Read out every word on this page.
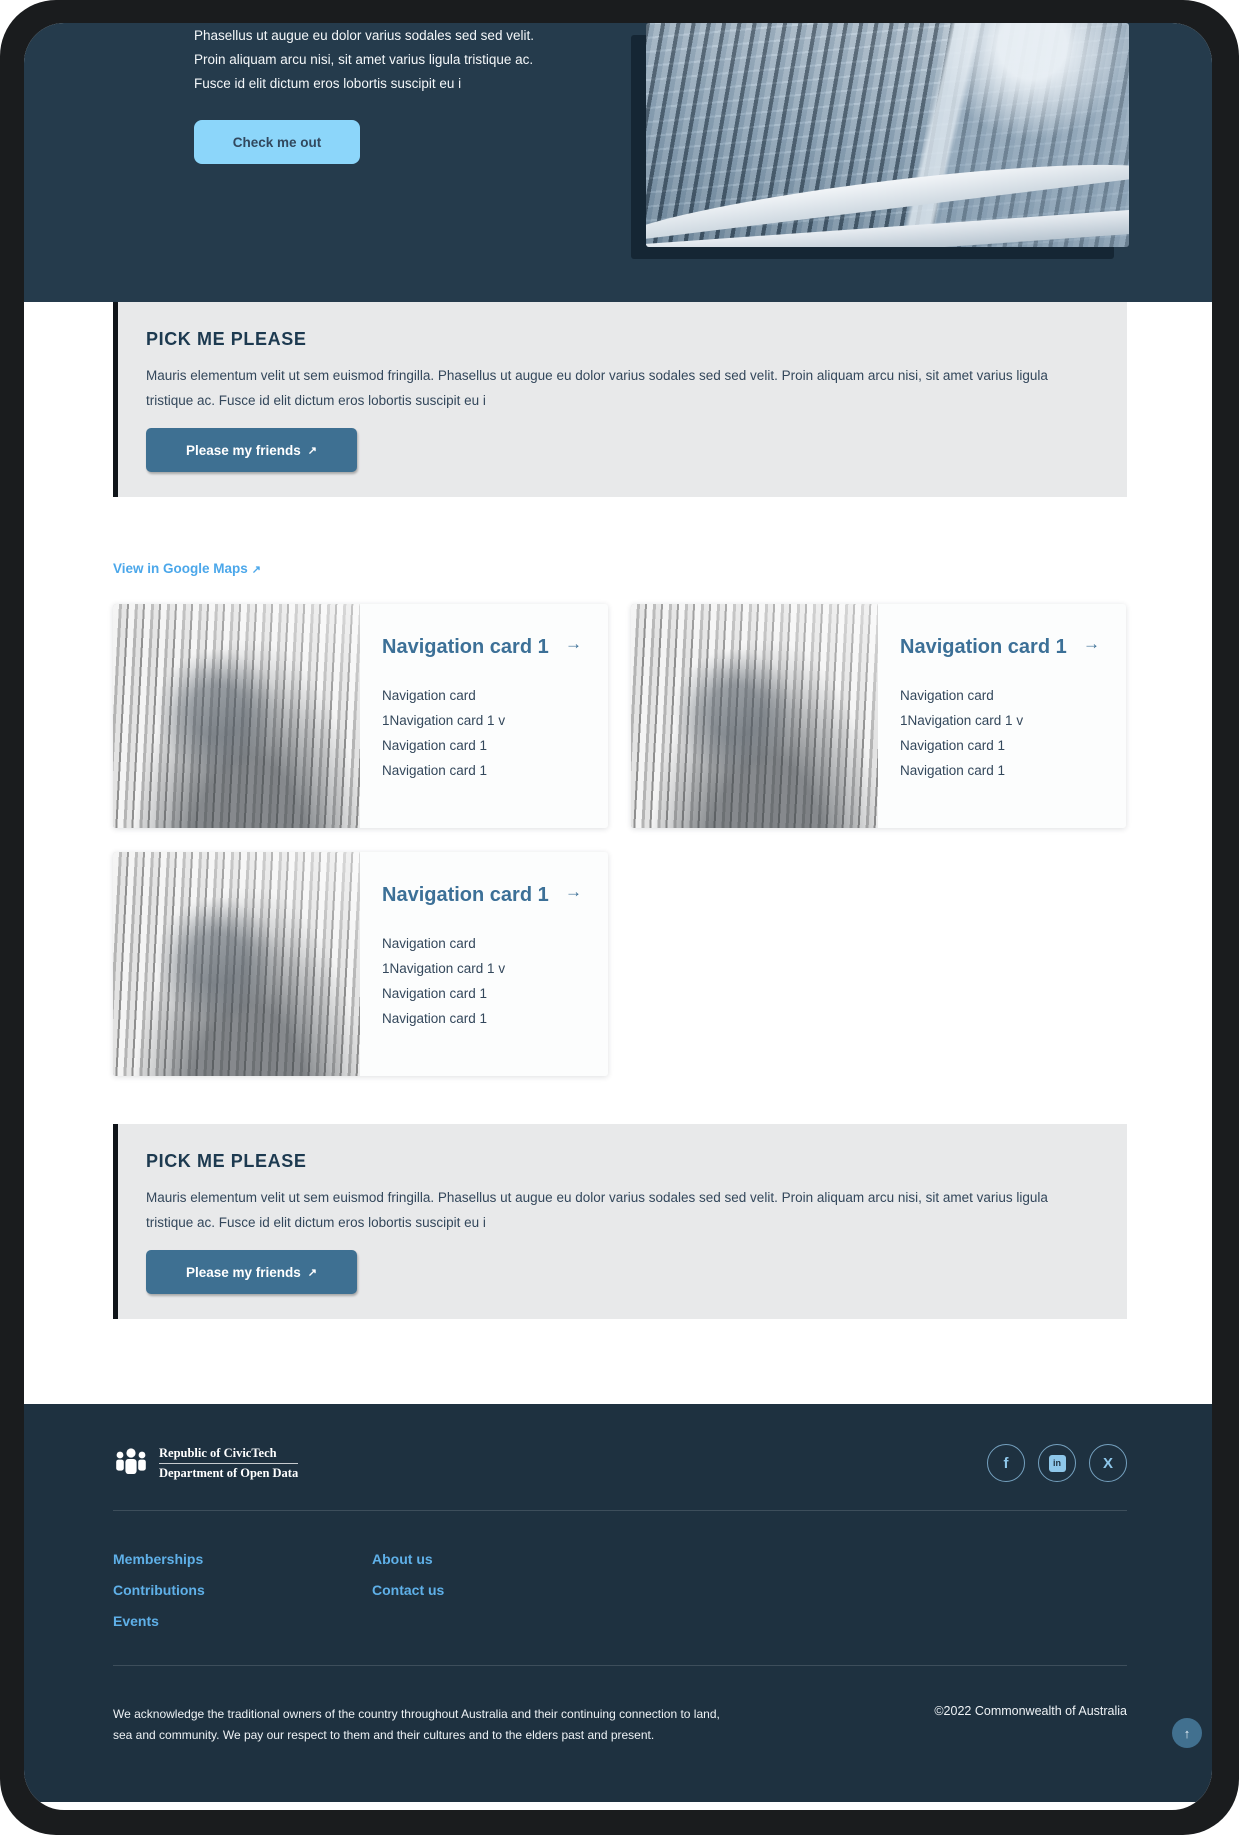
Phasellus ut augue eu dolor varius sodales sed sed velit. Proin aliquam arcu nisi, sit amet varius ligula tristique ac. Fusce id elit dictum eros lobortis suscipit eu i

Check me out
PICK ME PLEASE

Mauris elementum velit ut sem euismod fringilla. Phasellus ut augue eu dolor varius sodales sed sed velit. Proin aliquam arcu nisi, sit amet varius ligula tristique ac. Fusce id elit dictum eros lobortis suscipit eu i

Please my friends ↗
View in Google Maps ↗
Navigation card 1 →
Navigation card
1Navigation card 1 v
Navigation card 1
Navigation card 1
Navigation card 1 →
Navigation card
1Navigation card 1 v
Navigation card 1
Navigation card 1
Navigation card 1 →
Navigation card
1Navigation card 1 v
Navigation card 1
Navigation card 1
PICK ME PLEASE

Mauris elementum velit ut sem euismod fringilla. Phasellus ut augue eu dolor varius sodales sed sed velit. Proin aliquam arcu nisi, sit amet varius ligula tristique ac. Fusce id elit dictum eros lobortis suscipit eu i

Please my friends ↗
Republic of CivicTech
Department of Open Data
f	in	X
Memberships
Contributions
Events
About us
Contact us

We acknowledge the traditional owners of the country throughout Australia and their continuing connection to land, sea and community. We pay our respect to them and their cultures and to the elders past and present.

©2022 Commonwealth of Australia
↑
